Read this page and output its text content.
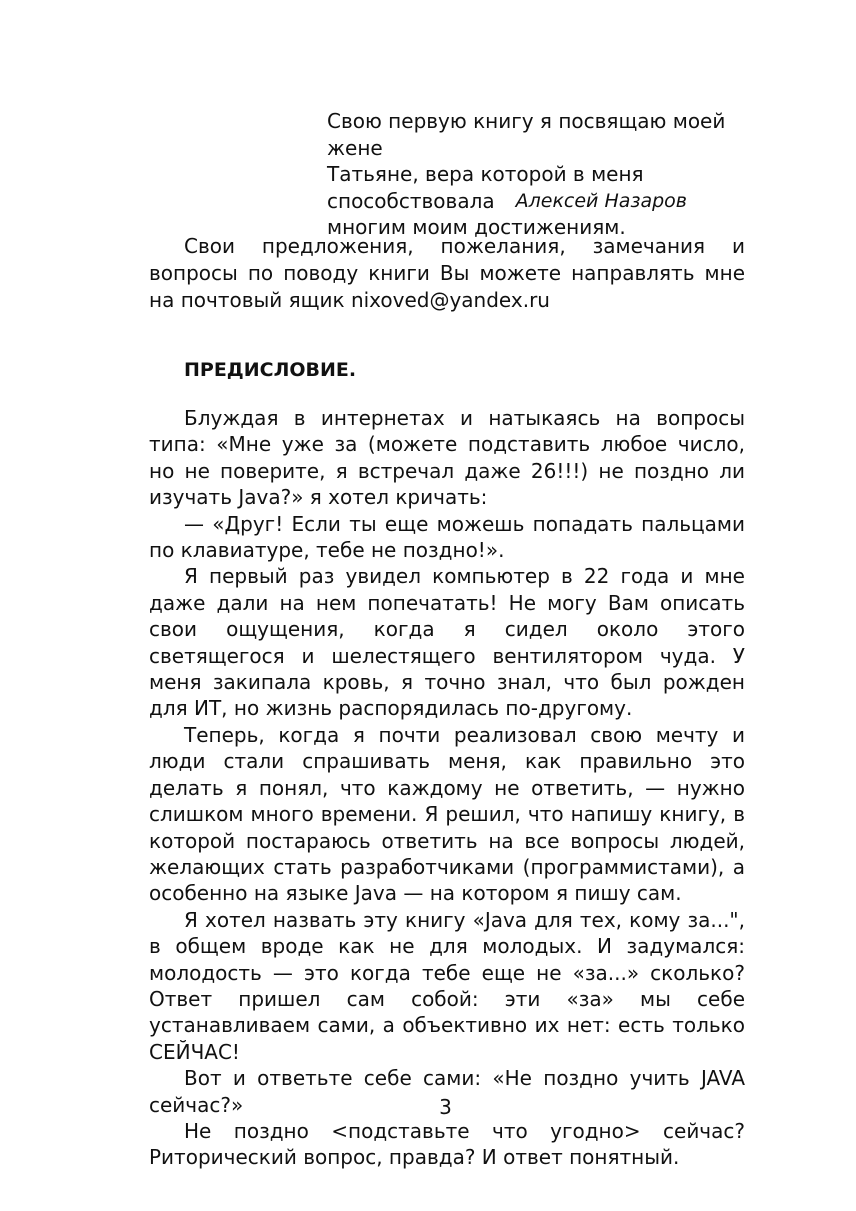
Свою первую книгу я посвящаю моей жене

Татьяне, вера которой в меня способствовала

многим моим достижениям.

Алексей Назаров

Свои предложения, пожелания, замечания и вопросы по поводу книги Вы можете направлять мне на почтовый ящик nixoved@yandex.ru

ПРЕДИСЛОВИЕ.

Блуждая в интернетах и натыкаясь на вопросы типа: «Мне уже за (можете подставить любое число, но не поверите, я встречал даже 26!!!) не поздно ли изучать Java?» я хотел кричать:

— «Друг! Если ты еще можешь попадать пальцами по клавиатуре, тебе не поздно!».

Я первый раз увидел компьютер в 22 года и мне даже дали на нем попечатать! Не могу Вам описать свои ощущения, когда я сидел около этого светящегося и шелестящего вентилятором чуда. У меня закипала кровь, я точно знал, что был рожден для ИТ, но жизнь распорядилась по-другому.

Теперь, когда я почти реализовал свою мечту и люди стали спрашивать меня, как правильно это делать я понял, что каждому не ответить, — нужно слишком много времени. Я решил, что напишу книгу, в которой постараюсь ответить на все вопросы людей, желающих стать разработчиками (программистами), а особенно на языке Java — на котором я пишу сам.

Я хотел назвать эту книгу «Java для тех, кому за...", в общем вроде как не для молодых. И задумался: молодость — это когда тебе еще не «за...» сколько? Ответ пришел сам собой: эти «за» мы себе устанавливаем сами, а объективно их нет: есть только СЕЙЧАС!

Вот и ответьте себе сами: «Не поздно учить JAVA сейчас?»

Не поздно <подставьте что угодно> сейчас? Риторический вопрос, правда? И ответ понятный.

3
